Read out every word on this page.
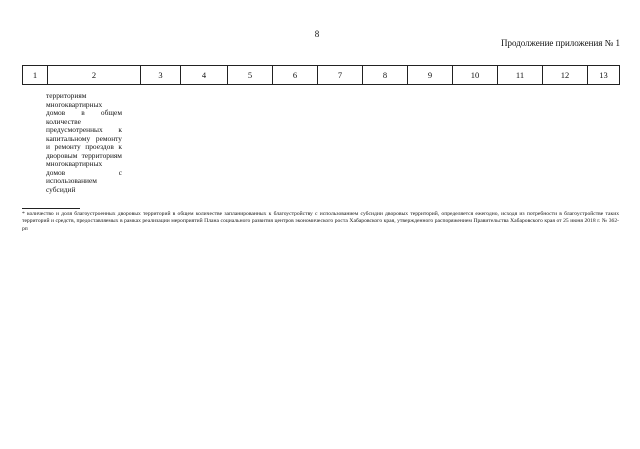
8
Продолжение приложения № 1
1	2	3	4	5	6	7	8	9	10	11	12	13
территориям многоквартирных домов в общем количестве предусмотренных к капитальному ремонту и ремонту проездов к дворовым территориям многоквартирных домов с использованием субсидий
* количество и доля благоустроенных дворовых территорий в общем количестве запланированных к благоустройству с использованием субсидии дворовых территорий, определяется ежегодно, исходя из потребности в благоустройстве таких территорий и средств, предоставляемых в рамках реализации мероприятий Плана социального развития центров экономического роста Хабаровского края, утвержденного распоряжением Правительства Хабаровского края от 25 июня 2018 г. № 362-рп
